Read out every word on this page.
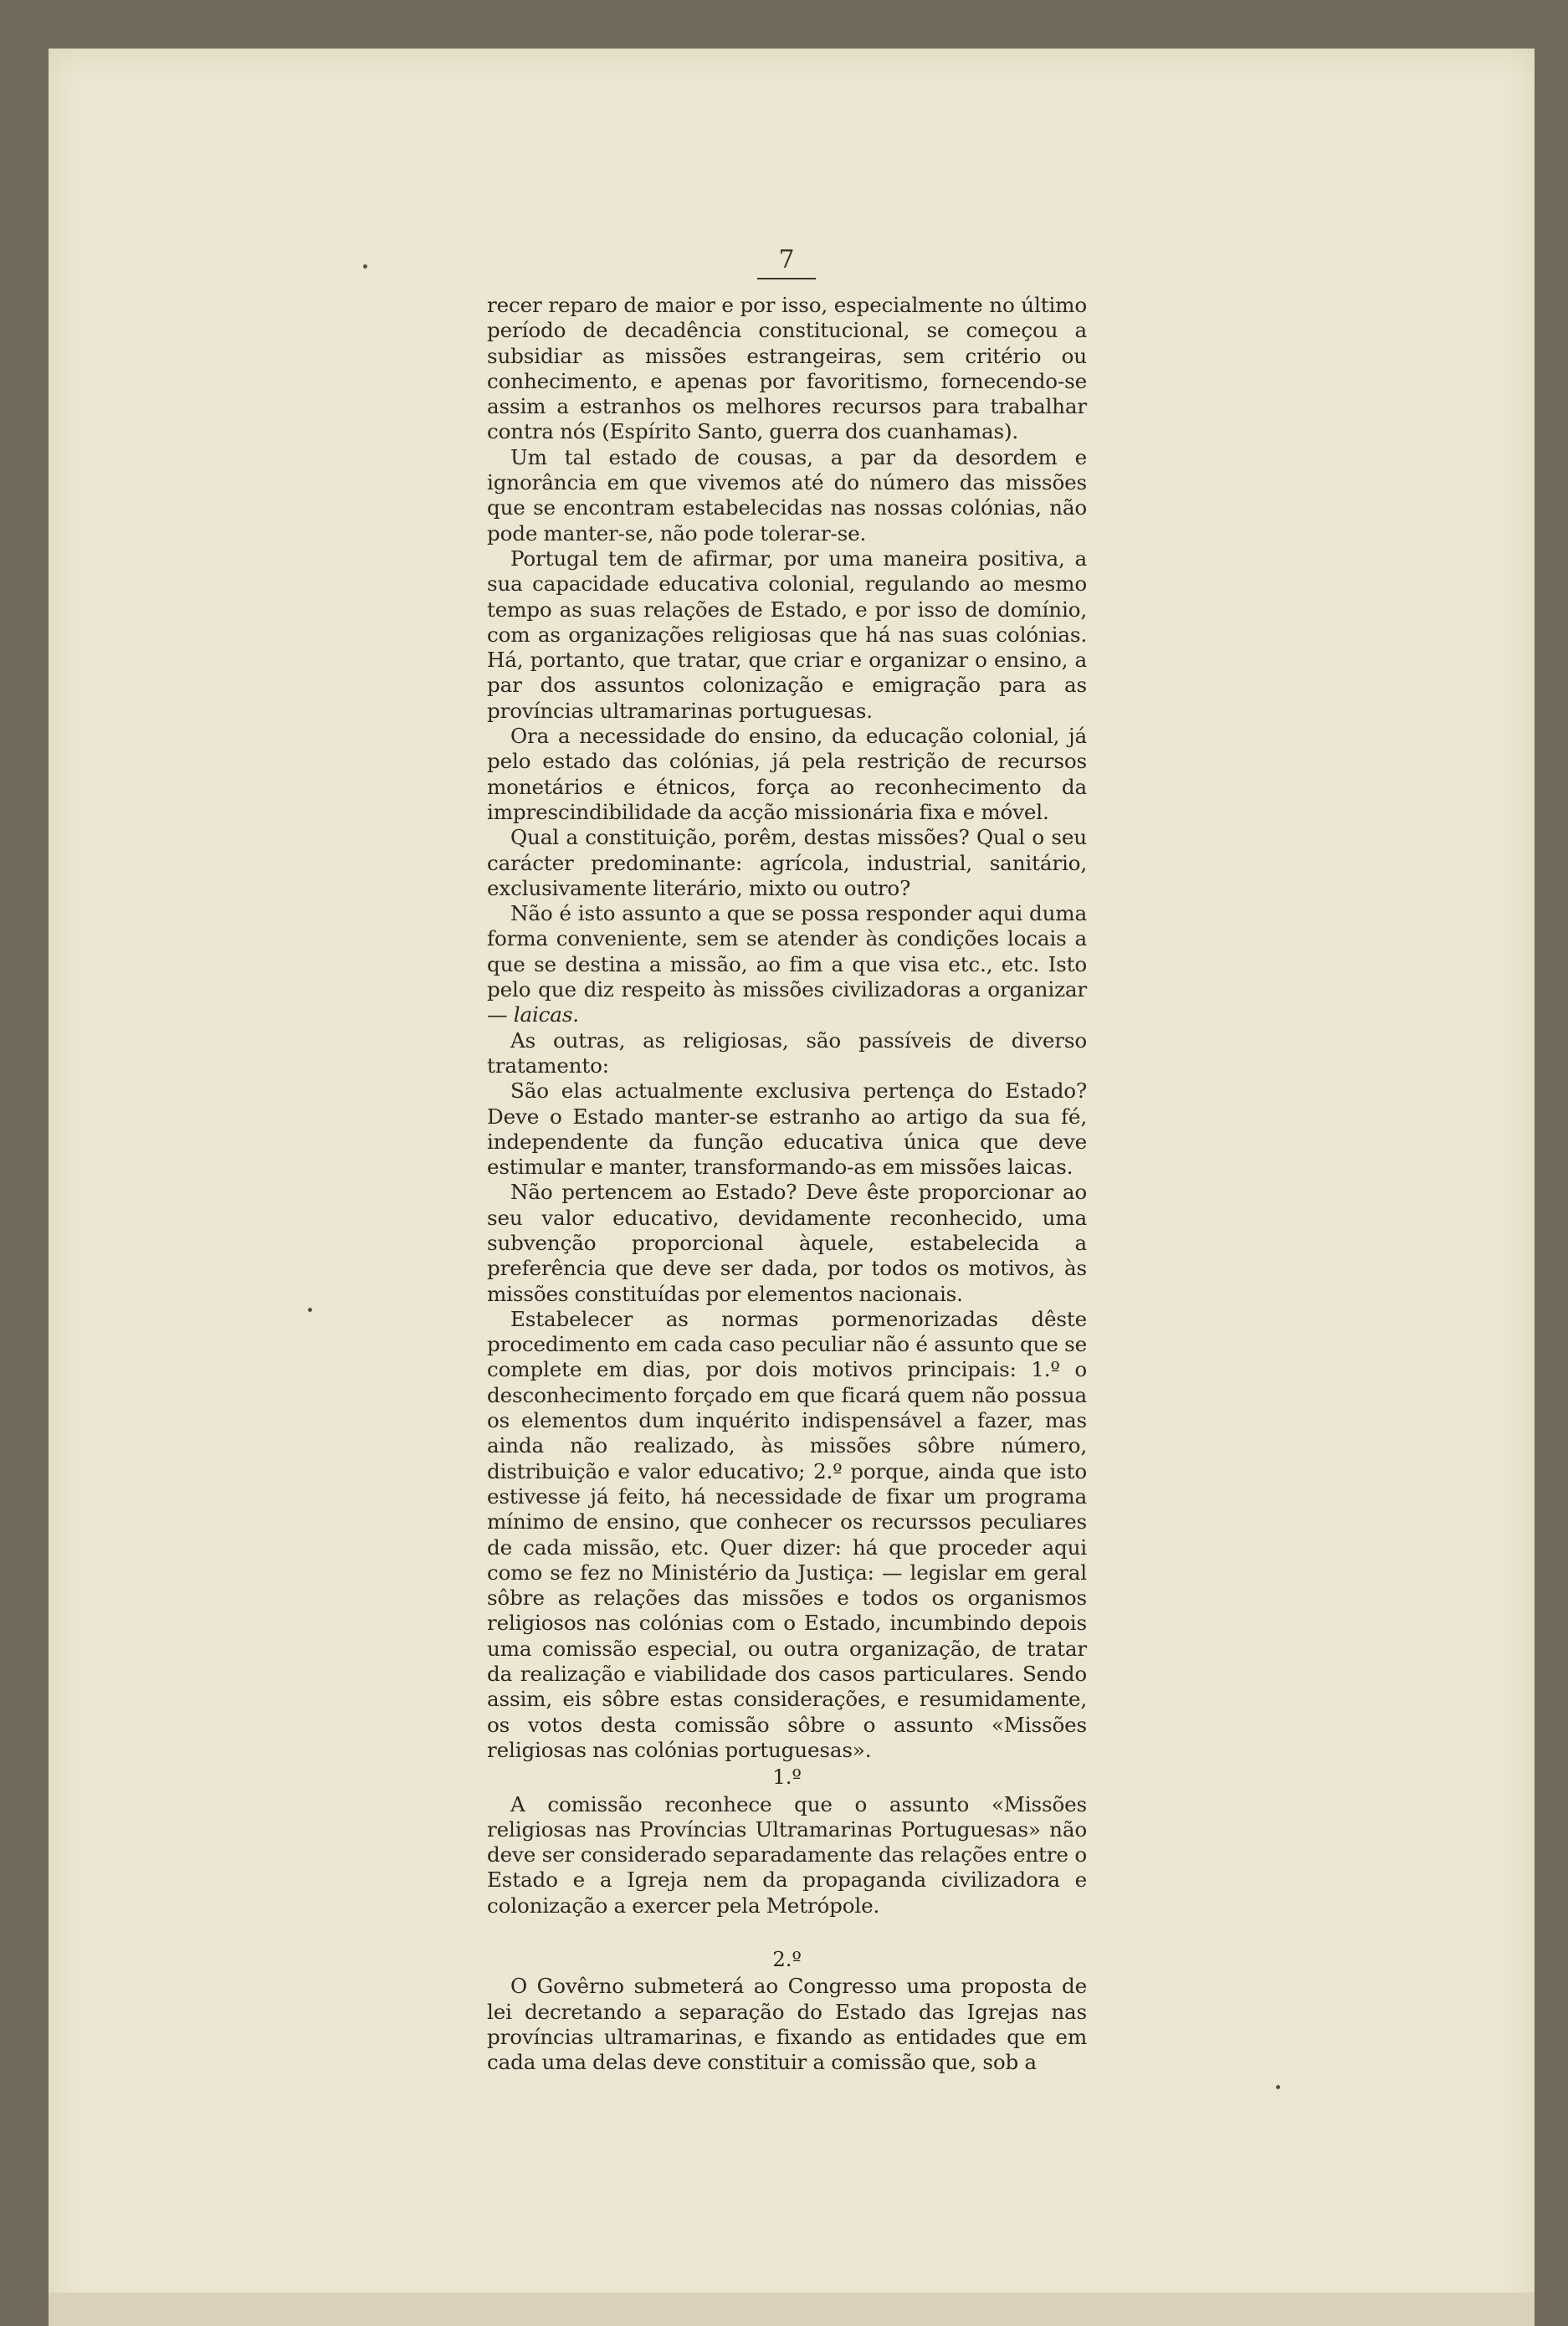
7

recer reparo de maior e por isso, especialmente no último período de decadência constitucional, se começou a subsidiar as missões estrangeiras, sem critério ou conhecimento, e apenas por favoritismo, fornecendo-se assim a estranhos os melhores recursos para trabalhar contra nós (Espírito Santo, guerra dos cuanhamas).

Um tal estado de cousas, a par da desordem e ignorância em que vivemos até do número das missões que se encontram estabelecidas nas nossas colónias, não pode manter-se, não pode tolerar-se.

Portugal tem de afirmar, por uma maneira positiva, a sua capacidade educativa colonial, regulando ao mesmo tempo as suas relações de Estado, e por isso de domínio, com as organizações religiosas que há nas suas colónias. Há, portanto, que tratar, que criar e organizar o ensino, a par dos assuntos colonização e emigração para as províncias ultramarinas portuguesas.

Ora a necessidade do ensino, da educação colonial, já pelo estado das colónias, já pela restrição de recursos monetários e étnicos, força ao reconhecimento da imprescindibilidade da acção missionária fixa e móvel.

Qual a constituição, porêm, destas missões? Qual o seu carácter predominante: agrícola, industrial, sanitário, exclusivamente literário, mixto ou outro?

Não é isto assunto a que se possa responder aqui duma forma conveniente, sem se atender às condições locais a que se destina a missão, ao fim a que visa etc., etc. Isto pelo que diz respeito às missões civilizadoras a organizar — laicas.

As outras, as religiosas, são passíveis de diverso tratamento:

São elas actualmente exclusiva pertença do Estado? Deve o Estado manter-se estranho ao artigo da sua fé, independente da função educativa única que deve estimular e manter, transformando-as em missões laicas.

Não pertencem ao Estado? Deve êste proporcionar ao seu valor educativo, devidamente reconhecido, uma subvenção proporcional àquele, estabelecida a preferência que deve ser dada, por todos os motivos, às missões constituídas por elementos nacionais.

Estabelecer as normas pormenorizadas dêste procedimento em cada caso peculiar não é assunto que se complete em dias, por dois motivos principais: 1.º o desconhecimento forçado em que ficará quem não possua os elementos dum inquérito indispensável a fazer, mas ainda não realizado, às missões sôbre número, distribuição e valor educativo; 2.º porque, ainda que isto estivesse já feito, há necessidade de fixar um programa mínimo de ensino, que conhecer os recurssos peculiares de cada missão, etc. Quer dizer: há que proceder aqui como se fez no Ministério da Justiça: — legislar em geral sôbre as relações das missões e todos os organismos religiosos nas colónias com o Estado, incumbindo depois uma comissão especial, ou outra organização, de tratar da realização e viabilidade dos casos particulares. Sendo assim, eis sôbre estas considerações, e resumidamente, os votos desta comissão sôbre o assunto «Missões religiosas nas colónias portuguesas».

1.º

A comissão reconhece que o assunto «Missões religiosas nas Províncias Ultramarinas Portuguesas» não deve ser considerado separadamente das relações entre o Estado e a Igreja nem da propaganda civilizadora e colonização a exercer pela Metrópole.

2.º

O Govêrno submeterá ao Congresso uma proposta de lei decretando a separação do Estado das Igrejas nas províncias ultramarinas, e fixando as entidades que em cada uma delas deve constituir a comissão que, sob a
